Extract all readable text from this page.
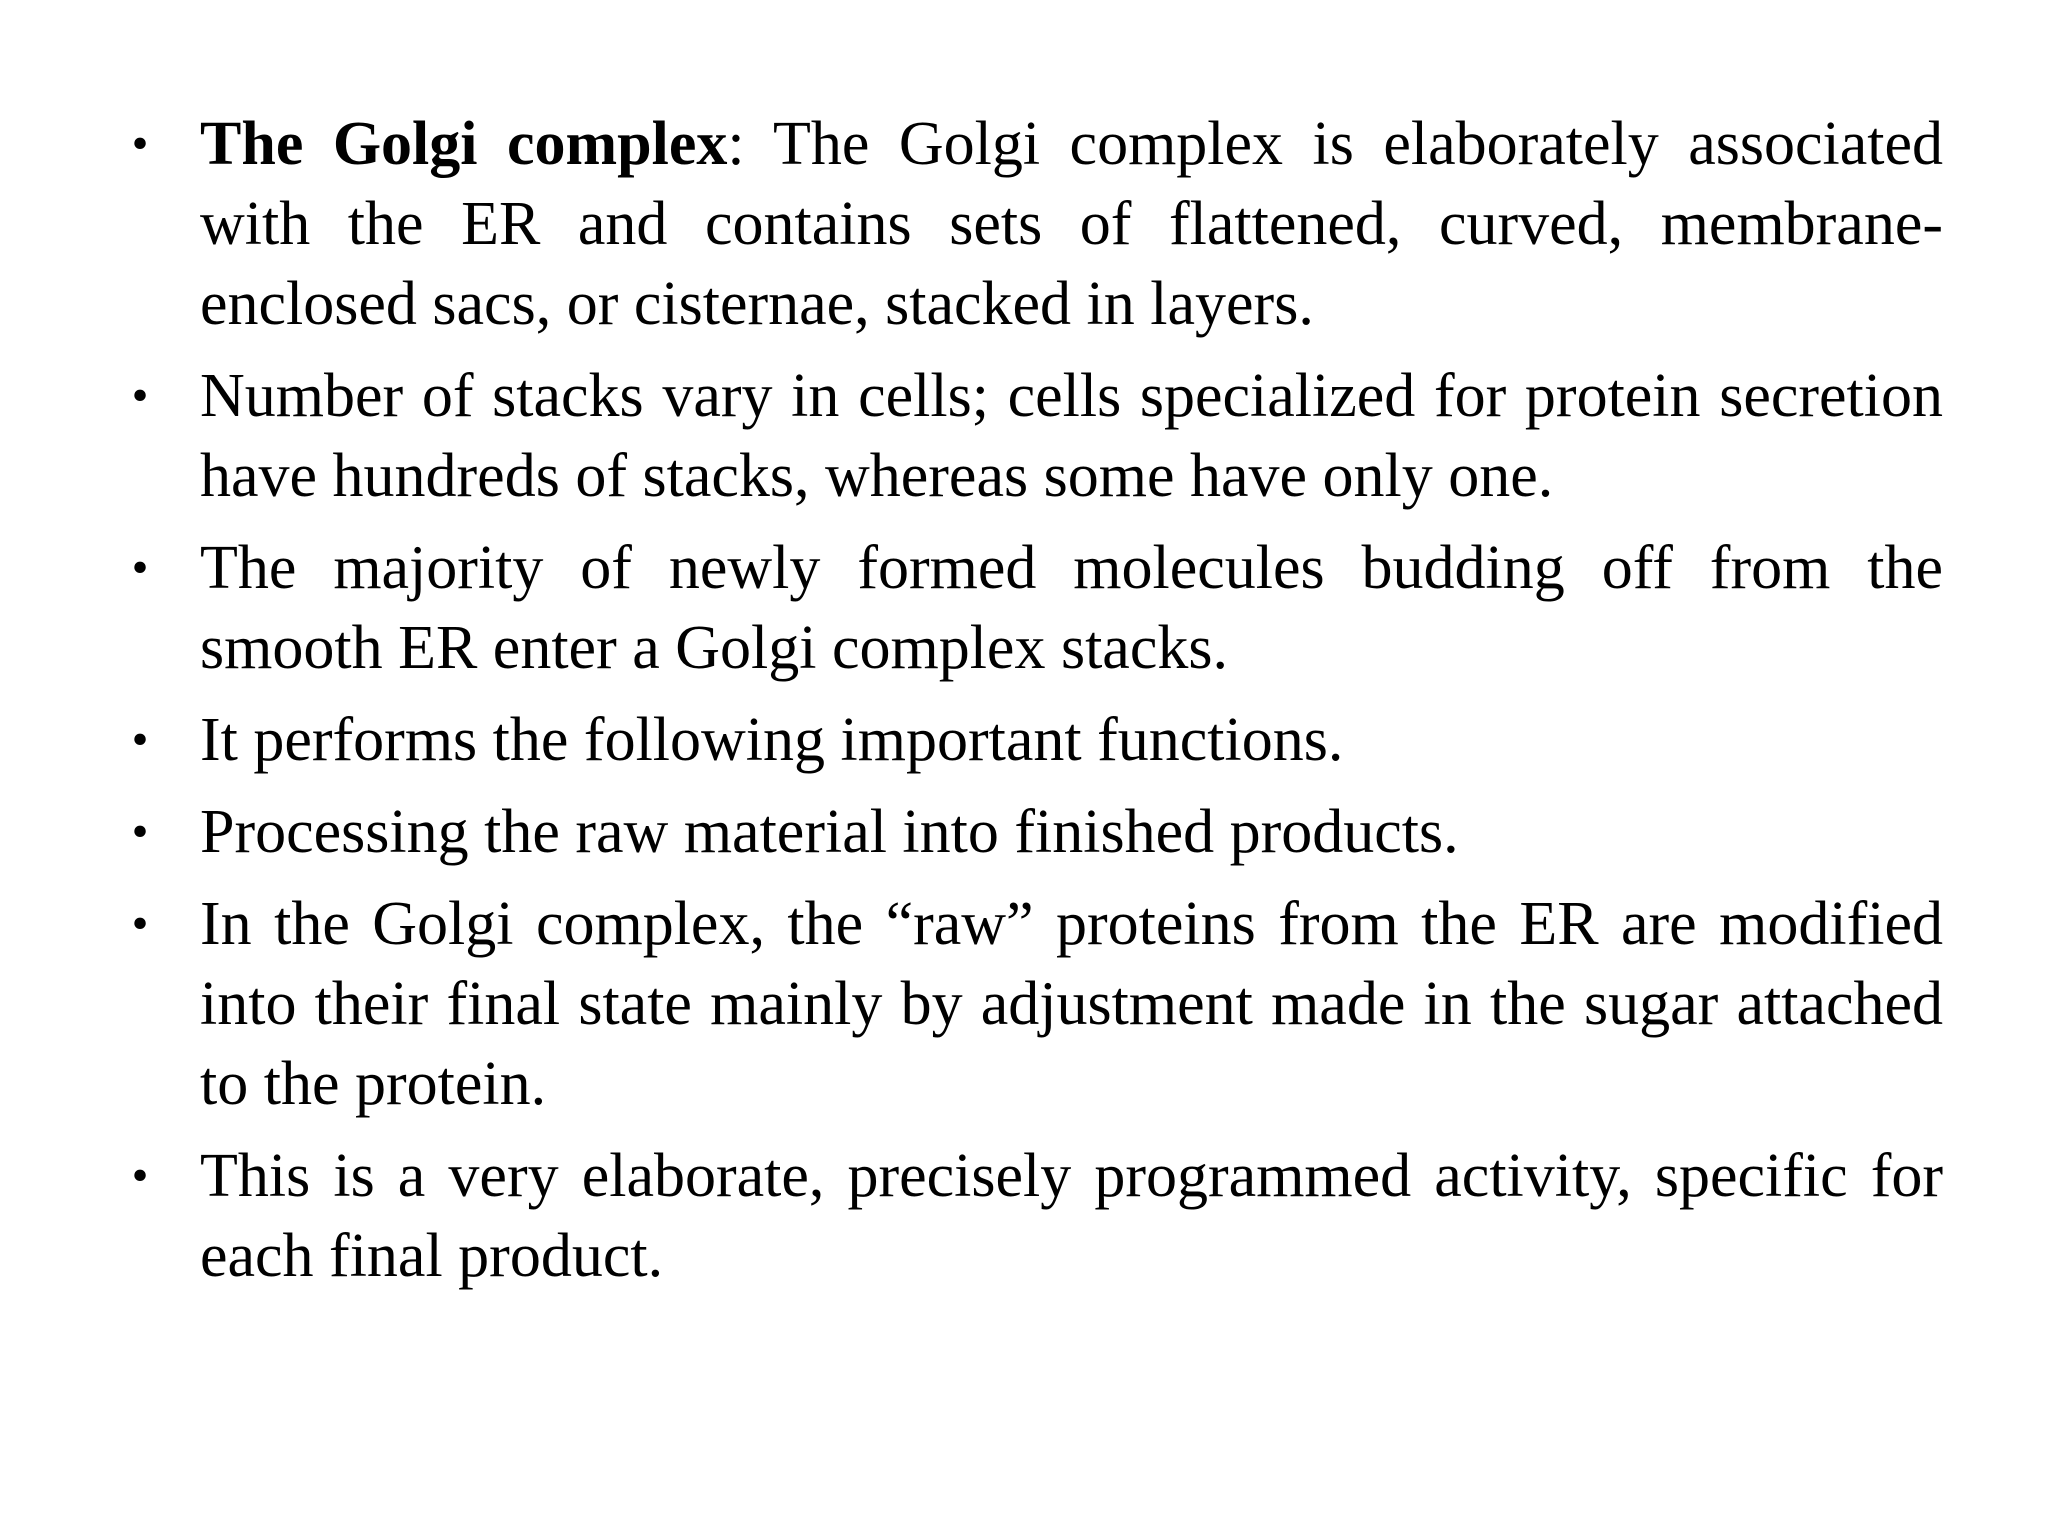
• The Golgi complex: The Golgi complex is elaborately associated with the ER and contains sets of flattened, curved, membrane- enclosed sacs, or cisternae, stacked in layers.
• Number of stacks vary in cells; cells specialized for protein secretion have hundreds of stacks, whereas some have only one.
• The majority of newly formed molecules budding off from the smooth ER enter a Golgi complex stacks.
• It performs the following important functions.
• Processing the raw material into finished products.
• In the Golgi complex, the “raw” proteins from the ER are modified into their final state mainly by adjustment made in the sugar attached to the protein.
• This is a very elaborate, precisely programmed activity, specific for each final product.
